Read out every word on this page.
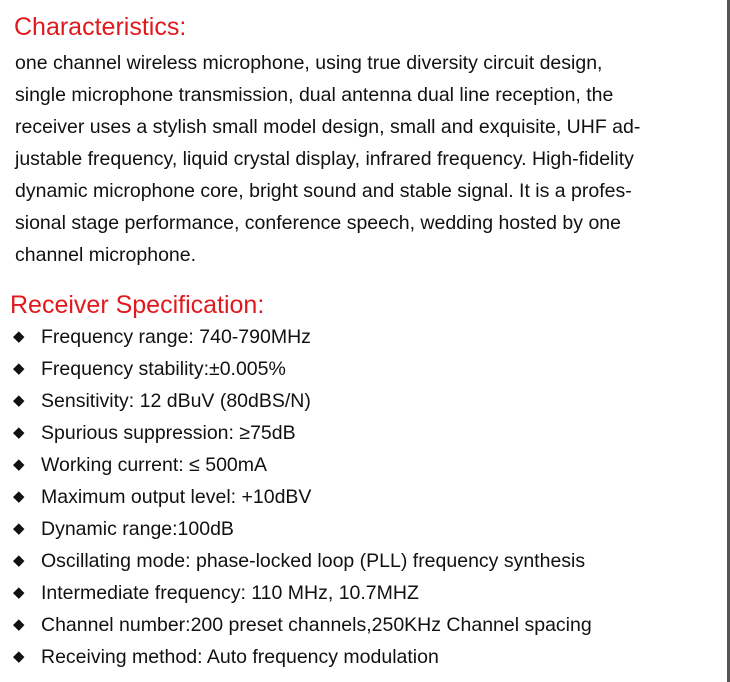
Characteristics:
one channel wireless microphone, using true diversity circuit design,
single microphone transmission, dual antenna dual line reception, the
receiver uses a stylish small model design, small and exquisite, UHF ad-
justable frequency, liquid crystal display, infrared frequency. High-fidelity
dynamic microphone core, bright sound and stable signal. It is a profes-
sional stage performance, conference speech, wedding hosted by one
channel microphone.
Receiver Specification:
◆ Frequency range: 740-790MHz
◆ Frequency stability:±0.005%
◆ Sensitivity: 12 dBuV (80dBS/N)
◆ Spurious suppression: ≥75dB
◆ Working current: ≤ 500mA
◆ Maximum output level: +10dBV
◆ Dynamic range:100dB
◆ Oscillating mode: phase-locked loop (PLL) frequency synthesis
◆ Intermediate frequency: 110 MHz, 10.7MHZ
◆ Channel number:200 preset channels,250KHz Channel spacing
◆ Receiving method: Auto frequency modulation
